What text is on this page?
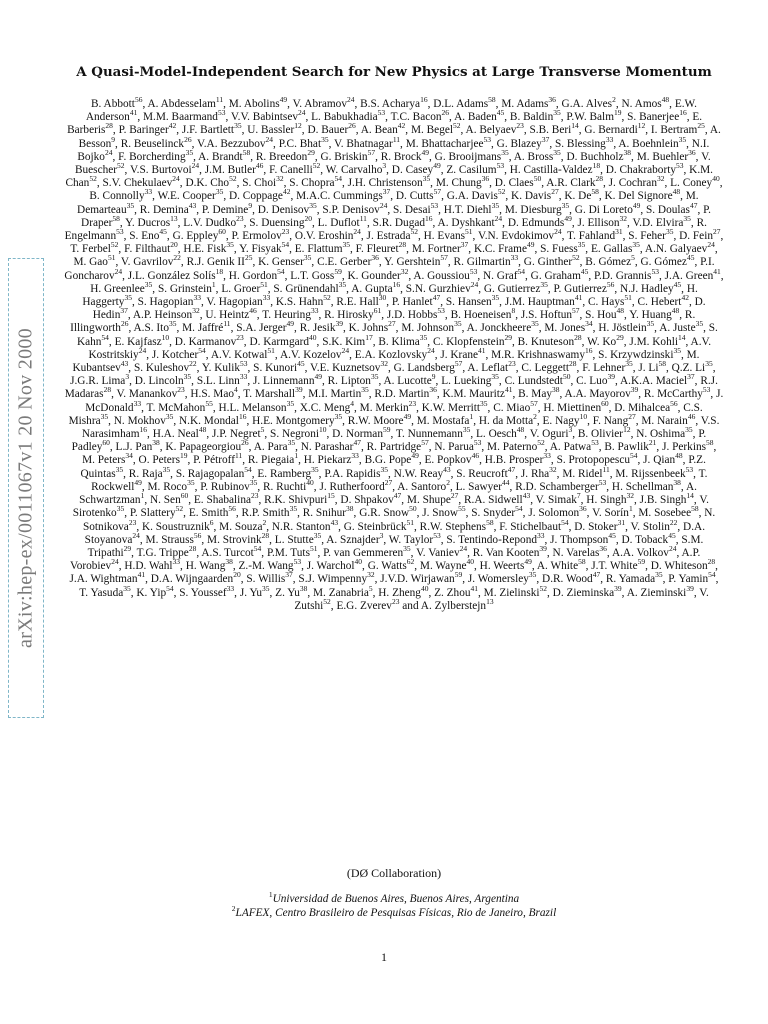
arXiv:hep-ex/0011067v1 20 Nov 2000
A Quasi-Model-Independent Search for New Physics at Large Transverse Momentum
B. Abbott$^{56}$, A. Abdesselam$^{11}$, M. Abolins$^{49}$, V. Abramov$^{24}$, B.S. Acharya$^{16}$, D.L. Adams$^{58}$, M. Adams$^{36}$, G.A. Alves$^2$, N. Amos$^{48}$, E.W. Anderson$^{41}$, M.M. Baarmand$^{53}$, V.V. Babintsev$^{24}$, L. Babukhadia$^{53}$, T.C. Bacon$^{26}$, A. Baden$^{45}$, B. Baldin$^{35}$, P.W. Balm$^{19}$, S. Banerjee$^{16}$, E. Barberis$^{28}$, P. Baringer$^{42}$, J.F. Bartlett$^{35}$, U. Bassler$^{12}$, D. Bauer$^{26}$, A. Bean$^{42}$, M. Begel$^{52}$, A. Belyaev$^{23}$, S.B. Beri$^{14}$, G. Bernardi$^{12}$, I. Bertram$^{25}$, A. Besson$^9$, R. Beuselinck$^{26}$, V.A. Bezzubov$^{24}$, P.C. Bhat$^{35}$, V. Bhatnagar$^{11}$, M. Bhattacharjee$^{53}$, G. Blazey$^{37}$, S. Blessing$^{33}$, A. Boehnlein$^{35}$, N.I. Bojko$^{24}$, F. Borcherding$^{35}$, A. Brandt$^{58}$, R. Breedon$^{29}$, G. Briskin$^{57}$, R. Brock$^{49}$, G. Brooijmans$^{35}$, A. Bross$^{35}$, D. Buchholz$^{38}$, M. Buehler$^{36}$, V. Buescher$^{52}$, V.S. Burtovoi$^{24}$, J.M. Butler$^{46}$, F. Canelli$^{52}$, W. Carvalho$^3$, D. Casey$^{49}$, Z. Casilum$^{53}$, H. Castilla-Valdez$^{18}$, D. Chakraborty$^{53}$, K.M. Chan$^{52}$, S.V. Chekulaev$^{24}$, D.K. Cho$^{52}$, S. Choi$^{32}$, S. Chopra$^{54}$, J.H. Christenson$^{35}$, M. Chung$^{36}$, D. Claes$^{50}$, A.R. Clark$^{28}$, J. Cochran$^{32}$, L. Coney$^{40}$, B. Connolly$^{33}$, W.E. Cooper$^{35}$, D. Coppage$^{42}$, M.A.C. Cummings$^{37}$, D. Cutts$^{57}$, G.A. Davis$^{52}$, K. Davis$^{27}$, K. De$^{58}$, K. Del Signore$^{48}$, M. Demarteau$^{35}$, R. Demina$^{43}$, P. Demine$^9$, D. Denisov$^{35}$, S.P. Denisov$^{24}$, S. Desai$^{53}$, H.T. Diehl$^{35}$, M. Diesburg$^{35}$, G. Di Loreto$^{49}$, S. Doulas$^{47}$, P. Draper$^{58}$, Y. Ducros$^{13}$, L.V. Dudko$^{23}$, S. Duensing$^{20}$, L. Duflot$^{11}$, S.R. Dugad$^{16}$, A. Dyshkant$^{24}$, D. Edmunds$^{49}$, J. Ellison$^{32}$, V.D. Elvira$^{35}$, R. Engelmann$^{53}$, S. Eno$^{45}$, G. Eppley$^{60}$, P. Ermolov$^{23}$, O.V. Eroshin$^{24}$, J. Estrada$^{52}$, H. Evans$^{51}$, V.N. Evdokimov$^{24}$, T. Fahland$^{31}$, S. Feher$^{35}$, D. Fein$^{27}$, T. Ferbel$^{52}$, F. Filthaut$^{20}$, H.E. Fisk$^{35}$, Y. Fisyak$^{54}$, E. Flattum$^{35}$, F. Fleuret$^{28}$, M. Fortner$^{37}$, K.C. Frame$^{49}$, S. Fuess$^{35}$, E. Gallas$^{35}$, A.N. Galyaev$^{24}$, M. Gao$^{51}$, V. Gavrilov$^{22}$, R.J. Genik II$^{25}$, K. Genser$^{35}$, C.E. Gerber$^{36}$, Y. Gershtein$^{57}$, R. Gilmartin$^{33}$, G. Ginther$^{52}$, B. Gómez$^5$, G. Gómez$^{45}$, P.I. Goncharov$^{24}$, J.L. González Solís$^{18}$, H. Gordon$^{54}$, L.T. Goss$^{59}$, K. Gounder$^{32}$, A. Goussiou$^{53}$, N. Graf$^{54}$, G. Graham$^{45}$, P.D. Grannis$^{53}$, J.A. Green$^{41}$, H. Greenlee$^{35}$, S. Grinstein$^1$, L. Groer$^{51}$, S. Grünendahl$^{35}$, A. Gupta$^{16}$, S.N. Gurzhiev$^{24}$, G. Gutierrez$^{35}$, P. Gutierrez$^{56}$, N.J. Hadley$^{45}$, H. Haggerty$^{35}$, S. Hagopian$^{33}$, V. Hagopian$^{33}$, K.S. Hahn$^{52}$, R.E. Hall$^{30}$, P. Hanlet$^{47}$, S. Hansen$^{35}$, J.M. Hauptman$^{41}$, C. Hays$^{51}$, C. Hebert$^{42}$, D. Hedin$^{37}$, A.P. Heinson$^{32}$, U. Heintz$^{46}$, T. Heuring$^{33}$, R. Hirosky$^{61}$, J.D. Hobbs$^{53}$, B. Hoeneisen$^8$, J.S. Hoftun$^{57}$, S. Hou$^{48}$, Y. Huang$^{48}$, R. Illingworth$^{26}$, A.S. Ito$^{35}$, M. Jaffré$^{11}$, S.A. Jerger$^{49}$, R. Jesik$^{39}$, K. Johns$^{27}$, M. Johnson$^{35}$, A. Jonckheere$^{35}$, M. Jones$^{34}$, H. Jöstlein$^{35}$, A. Juste$^{35}$, S. Kahn$^{54}$, E. Kajfasz$^{10}$, D. Karmanov$^{23}$, D. Karmgard$^{40}$, S.K. Kim$^{17}$, B. Klima$^{35}$, C. Klopfenstein$^{29}$, B. Knuteson$^{28}$, W. Ko$^{29}$, J.M. Kohli$^{14}$, A.V. Kostritskiy$^{24}$, J. Kotcher$^{54}$, A.V. Kotwal$^{51}$, A.V. Kozelov$^{24}$, E.A. Kozlovsky$^{24}$, J. Krane$^{41}$, M.R. Krishnaswamy$^{16}$, S. Krzywdzinski$^{35}$, M. Kubantsev$^{43}$, S. Kuleshov$^{22}$, Y. Kulik$^{53}$, S. Kunori$^{45}$, V.E. Kuznetsov$^{32}$, G. Landsberg$^{57}$, A. Leflat$^{23}$, C. Leggett$^{28}$, F. Lehner$^{35}$, J. Li$^{58}$, Q.Z. Li$^{35}$, J.G.R. Lima$^3$, D. Lincoln$^{35}$, S.L. Linn$^{33}$, J. Linnemann$^{49}$, R. Lipton$^{35}$, A. Lucotte$^9$, L. Lueking$^{35}$, C. Lundstedt$^{50}$, C. Luo$^{39}$, A.K.A. Maciel$^{37}$, R.J. Madaras$^{28}$, V. Manankov$^{23}$, H.S. Mao$^4$, T. Marshall$^{39}$, M.I. Martin$^{35}$, R.D. Martin$^{36}$, K.M. Mauritz$^{41}$, B. May$^{38}$, A.A. Mayorov$^{39}$, R. McCarthy$^{53}$, J. McDonald$^{33}$, T. McMahon$^{55}$, H.L. Melanson$^{35}$, X.C. Meng$^4$, M. Merkin$^{23}$, K.W. Merritt$^{35}$, C. Miao$^{57}$, H. Miettinen$^{60}$, D. Mihalcea$^{56}$, C.S. Mishra$^{35}$, N. Mokhov$^{35}$, N.K. Mondal$^{16}$, H.E. Montgomery$^{35}$, R.W. Moore$^{49}$, M. Mostafa$^1$, H. da Motta$^2$, E. Nagy$^{10}$, F. Nang$^{27}$, M. Narain$^{46}$, V.S. Narasimham$^{16}$, H.A. Neal$^{48}$, J.P. Negret$^5$, S. Negroni$^{10}$, D. Norman$^{59}$, T. Nunnemann$^{35}$, L. Oesch$^{48}$, V. Oguri$^3$, B. Olivier$^{12}$, N. Oshima$^{35}$, P. Padley$^{60}$, L.J. Pan$^{38}$, K. Papageorgiou$^{26}$, A. Para$^{35}$, N. Parashar$^{47}$, R. Partridge$^{57}$, N. Parua$^{53}$, M. Paterno$^{52}$, A. Patwa$^{53}$, B. Pawlik$^{21}$, J. Perkins$^{58}$, M. Peters$^{34}$, O. Peters$^{19}$, P. Pétroff$^{11}$, R. Piegaia$^1$, H. Piekarz$^{33}$, B.G. Pope$^{49}$, E. Popkov$^{46}$, H.B. Prosper$^{33}$, S. Protopopescu$^{54}$, J. Qian$^{48}$, P.Z. Quintas$^{35}$, R. Raja$^{35}$, S. Rajagopalan$^{54}$, E. Ramberg$^{35}$, P.A. Rapidis$^{35}$, N.W. Reay$^{43}$, S. Reucroft$^{47}$, J. Rha$^{32}$, M. Ridel$^{11}$, M. Rijssenbeek$^{53}$, T. Rockwell$^{49}$, M. Roco$^{35}$, P. Rubinov$^{35}$, R. Ruchti$^{40}$, J. Rutherfoord$^{27}$, A. Santoro$^2$, L. Sawyer$^{44}$, R.D. Schamberger$^{53}$, H. Schellman$^{38}$, A. Schwartzman$^1$, N. Sen$^{60}$, E. Shabalina$^{23}$, R.K. Shivpuri$^{15}$, D. Shpakov$^{47}$, M. Shupe$^{27}$, R.A. Sidwell$^{43}$, V. Simak$^7$, H. Singh$^{32}$, J.B. Singh$^{14}$, V. Sirotenko$^{35}$, P. Slattery$^{52}$, E. Smith$^{56}$, R.P. Smith$^{35}$, R. Snihur$^{38}$, G.R. Snow$^{50}$, J. Snow$^{55}$, S. Snyder$^{54}$, J. Solomon$^{36}$, V. Sorín$^1$, M. Sosebee$^{58}$, N. Sotnikova$^{23}$, K. Soustruznik$^6$, M. Souza$^2$, N.R. Stanton$^{43}$, G. Steinbrück$^{51}$, R.W. Stephens$^{58}$, F. Stichelbaut$^{54}$, D. Stoker$^{31}$, V. Stolin$^{22}$, D.A. Stoyanova$^{24}$, M. Strauss$^{56}$, M. Strovink$^{28}$, L. Stutte$^{35}$, A. Sznajder$^3$, W. Taylor$^{53}$, S. Tentindo-Repond$^{33}$, J. Thompson$^{45}$, D. Toback$^{45}$, S.M. Tripathi$^{29}$, T.G. Trippe$^{28}$, A.S. Turcot$^{54}$, P.M. Tuts$^{51}$, P. van Gemmeren$^{35}$, V. Vaniev$^{24}$, R. Van Kooten$^{39}$, N. Varelas$^{36}$, A.A. Volkov$^{24}$, A.P. Vorobiev$^{24}$, H.D. Wahl$^{33}$, H. Wang$^{38}$, Z.-M. Wang$^{53}$, J. Warchol$^{40}$, G. Watts$^{62}$, M. Wayne$^{40}$, H. Weerts$^{49}$, A. White$^{58}$, J.T. White$^{59}$, D. Whiteson$^{28}$, J.A. Wightman$^{41}$, D.A. Wijngaarden$^{20}$, S. Willis$^{37}$, S.J. Wimpenny$^{32}$, J.V.D. Wirjawan$^{59}$, J. Womersley$^{35}$, D.R. Wood$^{47}$, R. Yamada$^{35}$, P. Yamin$^{54}$, T. Yasuda$^{35}$, K. Yip$^{54}$, S. Youssef$^{33}$, J. Yu$^{35}$, Z. Yu$^{38}$, M. Zanabria$^5$, H. Zheng$^{40}$, Z. Zhou$^{41}$, M. Zielinski$^{52}$, D. Zieminska$^{39}$, A. Zieminski$^{39}$, V. Zutshi$^{52}$, E.G. Zverev$^{23}$ and A. Zylberstejn$^{13}$
(DØ Collaboration)
$^1$Universidad de Buenos Aires, Buenos Aires, Argentina
$^2$LAFEX, Centro Brasileiro de Pesquisas Físicas, Rio de Janeiro, Brazil
1
